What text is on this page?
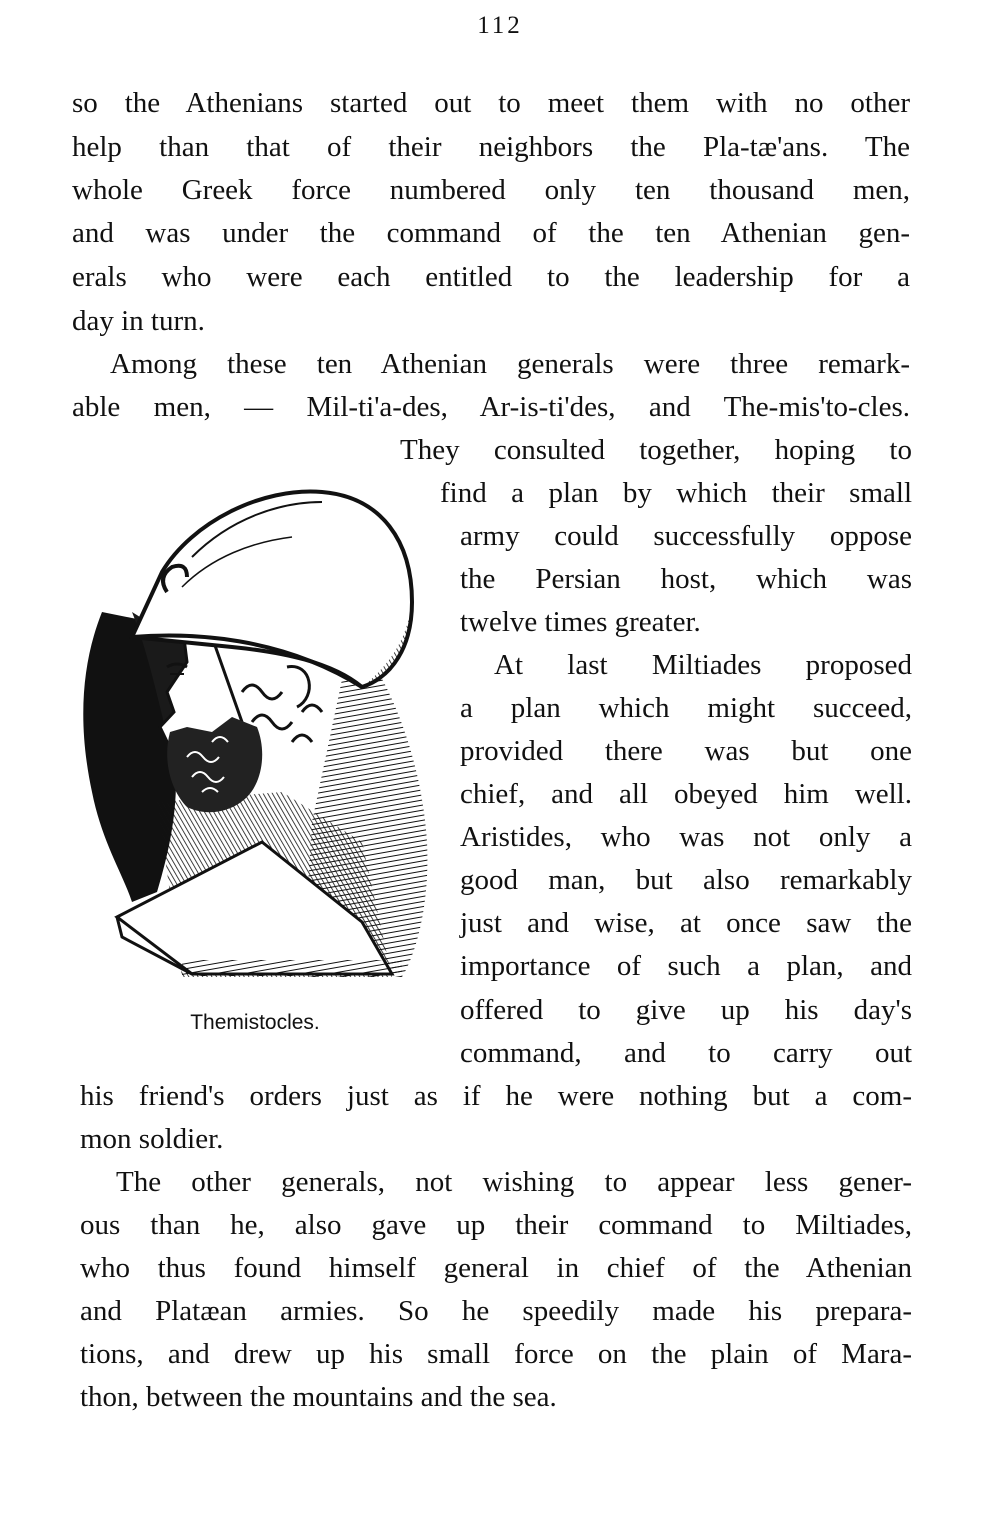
112

so the Athenians started out to meet them with no other

help than that of their neighbors the Pla-tæ'ans. The

whole Greek force numbered only ten thousand men,

and was under the command of the ten Athenian gen-

erals who were each entitled to the leadership for a

day in turn.

Among these ten Athenian generals were three remark-

able men, — Mil-ti'a-des, Ar-is-ti'des, and The-mis'to-cles.

They consulted together, hoping to

find a plan by which their small

army could successfully oppose

the Persian host, which was

twelve times greater.

At last Miltiades proposed

a plan which might succeed,

provided there was but one

chief, and all obeyed him well.

Aristides, who was not only a

good man, but also remarkably

just and wise, at once saw the

importance of such a plan, and

offered to give up his day's

command, and to carry out

his friend's orders just as if he were nothing but a com-

mon soldier.

The other generals, not wishing to appear less gener-

ous than he, also gave up their command to Miltiades,

who thus found himself general in chief of the Athenian

and Platæan armies. So he speedily made his prepara-

tions, and drew up his small force on the plain of Mara-

thon, between the mountains and the sea.

Themistocles.
